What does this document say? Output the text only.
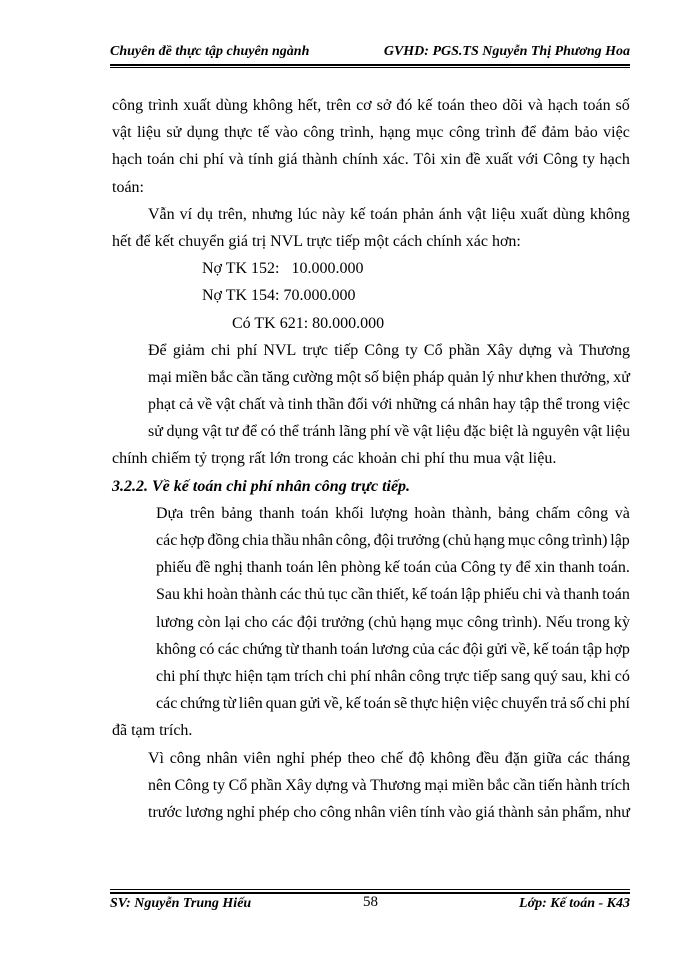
Chuyên đề thực tập chuyên ngành	GVHD: PGS.TS Nguyễn Thị Phương Hoa
công trình xuất dùng không hết, trên cơ sở đó kế toán theo dõi và hạch toán số
vật liệu sử dụng thực tế vào công trình, hạng mục công trình để đảm bảo việc
hạch toán chi phí và tính giá thành chính xác. Tôi xin đề xuất với Công ty hạch
toán:
Vẫn ví dụ trên, nhưng lúc này kế toán phản ánh vật liệu xuất dùng không
hết để kết chuyển giá trị NVL trực tiếp một cách chính xác hơn:
Nợ TK 152:   10.000.000
Nợ TK 154: 70.000.000
Có TK 621: 80.000.000
Để giảm chi phí NVL trực tiếp Công ty Cổ phần Xây dựng và Thương
mại miền bắc cần tăng cường một số biện pháp quản lý như khen thưởng, xử
phạt cả về vật chất và tinh thần đối với những cá nhân hay tập thể trong việc
sử dụng vật tư để có thể tránh lãng phí về vật liệu đặc biệt là nguyên vật liệu
chính chiếm tỷ trọng rất lớn trong các khoản chi phí thu mua vật liệu.
3.2.2. Về kế toán chi phí nhân công trực tiếp.
Dựa trên bảng thanh toán khối lượng hoàn thành, bảng chấm công và
các hợp đồng chia thầu nhân công, đội trưởng (chủ hạng mục công trình) lập
phiếu đề nghị thanh toán lên phòng kế toán của Công ty để xin thanh toán.
Sau khi hoàn thành các thủ tục cần thiết, kế toán lập phiếu chi và thanh toán
lương còn lại cho các đội trưởng (chủ hạng mục công trình). Nếu trong kỳ
không có các chứng từ thanh toán lương của các đội gửi về, kế toán tập hợp
chi phí thực hiện tạm trích chi phí nhân công trực tiếp sang quý sau, khi có
các chứng từ liên quan gửi về, kế toán sẽ thực hiện việc chuyển trả số chi phí
đã tạm trích.
Vì công nhân viên nghỉ phép theo chế độ không đều đặn giữa các tháng
nên Công ty Cổ phần Xây dựng và Thương mại miền bắc cần tiến hành trích
trước lương nghỉ phép cho công nhân viên tính vào giá thành sản phẩm, như
SV: Nguyễn Trung Hiếu	58	Lớp: Kế toán - K43
